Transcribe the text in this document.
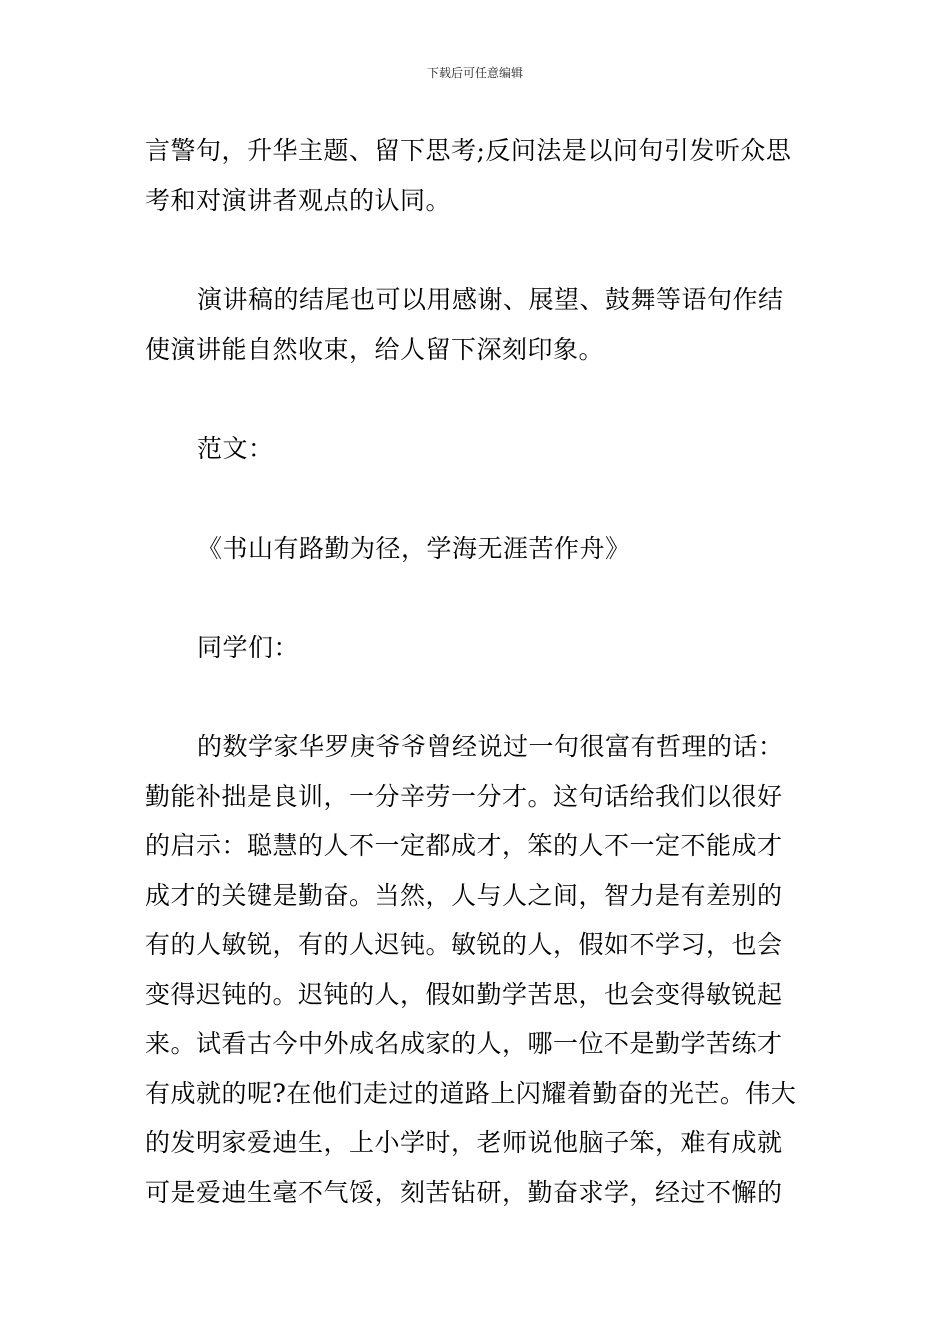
下载后可任意编辑
言警句，升华主题、留下思考;反问法是以问句引发听众思
考和对演讲者观点的认同。
演讲稿的结尾也可以用感谢、展望、鼓舞等语句作结
使演讲能自然收束，给人留下深刻印象。
范文：
《书山有路勤为径，学海无涯苦作舟》
同学们：
的数学家华罗庚爷爷曾经说过一句很富有哲理的话：
勤能补拙是良训，一分辛劳一分才。这句话给我们以很好
的启示：聪慧的人不一定都成才，笨的人不一定不能成才
成才的关键是勤奋。当然，人与人之间，智力是有差别的
有的人敏锐，有的人迟钝。敏锐的人，假如不学习，也会
变得迟钝的。迟钝的人，假如勤学苦思，也会变得敏锐起
来。试看古今中外成名成家的人，哪一位不是勤学苦练才
有成就的呢?在他们走过的道路上闪耀着勤奋的光芒。伟大
的发明家爱迪生，上小学时，老师说他脑子笨，难有成就
可是爱迪生毫不气馁，刻苦钻研，勤奋求学，经过不懈的
